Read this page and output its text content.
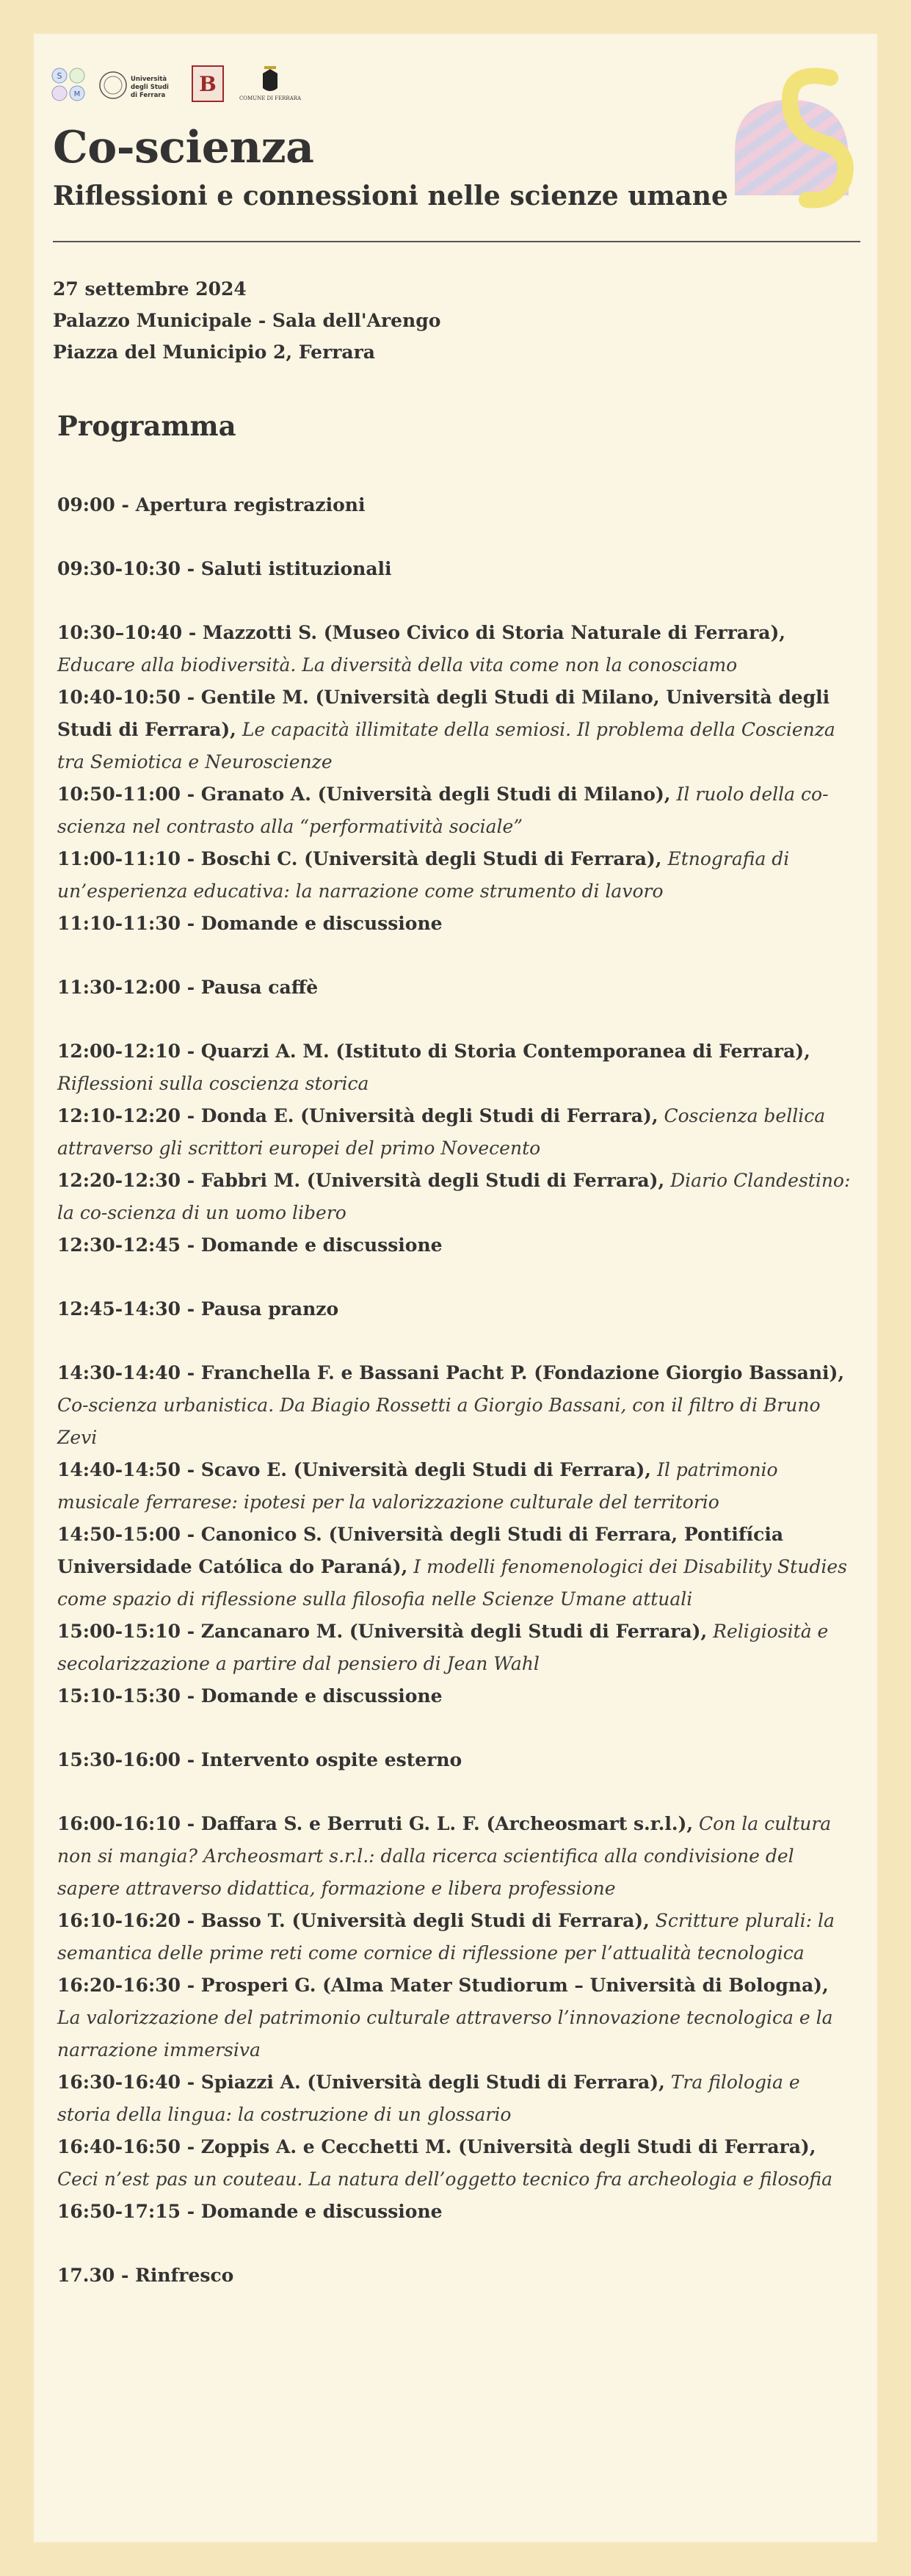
S
M
Università
degli Studi
di Ferrara B
COMUNE DI FERRARA
Co-scienza
Riflessioni e connessioni nelle scienze umane
27 settembre 2024
Palazzo Municipale - Sala dell'Arengo
Piazza del Municipio 2, Ferrara
Programma

09:00 - Apertura registrazioni

09:30-10:30 - Saluti istituzionali

10:30–10:40 - Mazzotti S. (Museo Civico di Storia Naturale di Ferrara), Educare alla biodiversità. La diversità della vita come non la conosciamo

10:40-10:50 - Gentile M. (Università degli Studi di Milano, Università degli Studi di Ferrara), Le capacità illimitate della semiosi. Il problema della Coscienza tra Semiotica e Neuroscienze

10:50-11:00 - Granato A. (Università degli Studi di Milano), Il ruolo della co-scienza nel contrasto alla “performatività sociale”

11:00-11:10 - Boschi C. (Università degli Studi di Ferrara), Etnografia di un’esperienza educativa: la narrazione come strumento di lavoro

11:10-11:30 - Domande e discussione

11:30-12:00 - Pausa caffè

12:00-12:10 - Quarzi A. M. (Istituto di Storia Contemporanea di Ferrara), Riflessioni sulla coscienza storica

12:10-12:20 - Donda E. (Università degli Studi di Ferrara), Coscienza bellica attraverso gli scrittori europei del primo Novecento

12:20-12:30 - Fabbri M. (Università degli Studi di Ferrara), Diario Clandestino: la co-scienza di un uomo libero

12:30-12:45 - Domande e discussione

12:45-14:30 - Pausa pranzo

14:30-14:40 - Franchella F. e Bassani Pacht P. (Fondazione Giorgio Bassani), Co-scienza urbanistica. Da Biagio Rossetti a Giorgio Bassani, con il filtro di Bruno Zevi

14:40-14:50 - Scavo E. (Università degli Studi di Ferrara), Il patrimonio musicale ferrarese: ipotesi per la valorizzazione culturale del territorio

14:50-15:00 - Canonico S. (Università degli Studi di Ferrara, Pontifícia Universidade Católica do Paraná), I modelli fenomenologici dei Disability Studies come spazio di riflessione sulla filosofia nelle Scienze Umane attuali

15:00-15:10 - Zancanaro M. (Università degli Studi di Ferrara), Religiosità e secolarizzazione a partire dal pensiero di Jean Wahl

15:10-15:30 - Domande e discussione

15:30-16:00 - Intervento ospite esterno

16:00-16:10 - Daffara S. e Berruti G. L. F. (Archeosmart s.r.l.), Con la cultura non si mangia? Archeosmart s.r.l.: dalla ricerca scientifica alla condivisione del sapere attraverso didattica, formazione e libera professione

16:10-16:20 - Basso T. (Università degli Studi di Ferrara), Scritture plurali: la semantica delle prime reti come cornice di riflessione per l’attualità tecnologica

16:20-16:30 - Prosperi G. (Alma Mater Studiorum – Università di Bologna), La valorizzazione del patrimonio culturale attraverso l’innovazione tecnologica e la narrazione immersiva

16:30-16:40 - Spiazzi A. (Università degli Studi di Ferrara), Tra filologia e storia della lingua: la costruzione di un glossario

16:40-16:50 - Zoppis A. e Cecchetti M. (Università degli Studi di Ferrara), Ceci n’est pas un couteau. La natura dell’oggetto tecnico fra archeologia e filosofia

16:50-17:15 - Domande e discussione

17.30 - Rinfresco
